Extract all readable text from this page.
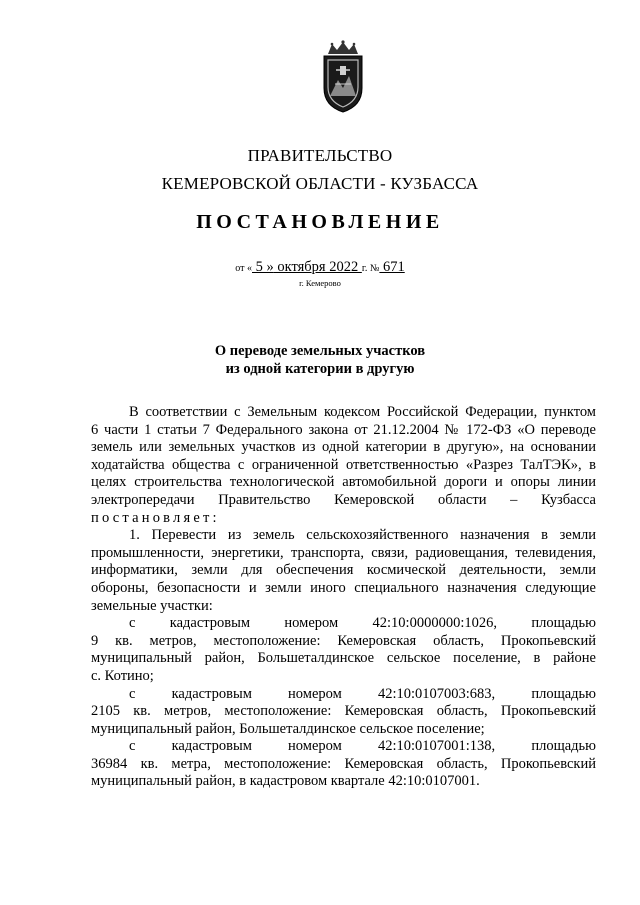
ПРАВИТЕЛЬСТВО
КЕМЕРОВСКОЙ ОБЛАСТИ - КУЗБАССА
ПОСТАНОВЛЕНИЕ
от « 5 » октября 2022 г. № 671
г. Кемерово
О переводе земельных участков
из одной категории в другую

В соответствии с Земельным кодексом Российской Федерации, пунктом

6 части 1 статьи 7 Федерального закона от 21.12.2004 № 172-ФЗ «О переводе

земель или земельных участков из одной категории в другую», на основании

ходатайства общества с ограниченной ответственностью «Разрез ТалТЭК», в

целях строительства технологической автомобильной дороги и опоры линии

электропередачи Правительство Кемеровской области – Кузбасса

постановляет:

1. Перевести из земель сельскохозяйственного назначения в земли

промышленности, энергетики, транспорта, связи, радиовещания, телевидения,

информатики, земли для обеспечения космической деятельности, земли

обороны, безопасности и земли иного специального назначения следующие

земельные участки:

с кадастровым номером 42:10:0000000:1026, площадью

9 кв. метров, местоположение: Кемеровская область, Прокопьевский

муниципальный район, Большеталдинское сельское поселение, в районе

с. Котино;

с кадастровым номером 42:10:0107003:683, площадью

2105 кв. метров, местоположение: Кемеровская область, Прокопьевский

муниципальный район, Большеталдинское сельское поселение;

с кадастровым номером 42:10:0107001:138, площадью

36984 кв. метра, местоположение: Кемеровская область, Прокопьевский

муниципальный район, в кадастровом квартале 42:10:0107001.
